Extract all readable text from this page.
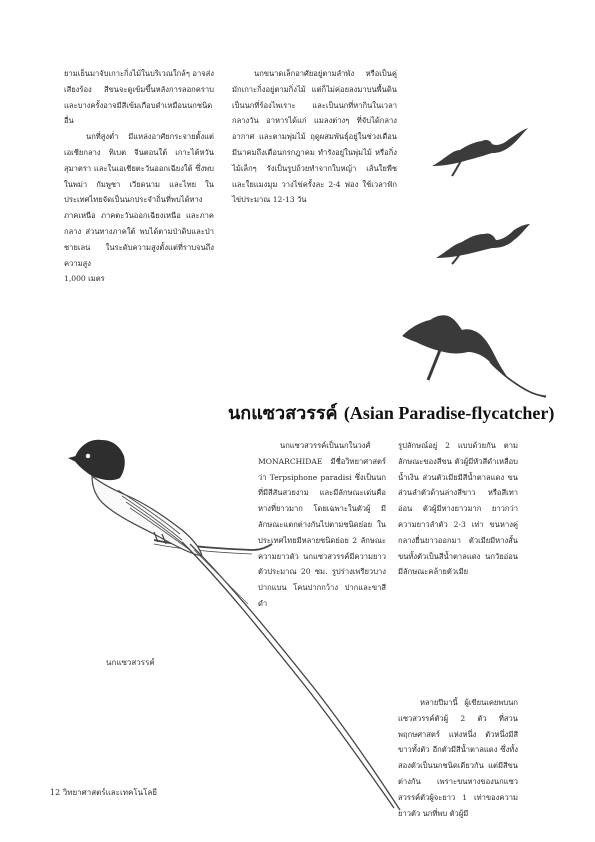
ยามเย็นมาจับเกาะกิ่งไม้ในบริเวณใกล้ๆ อาจส่งเสียงร้อง สีขนจะดูเข้มขึ้นหลังการลอกคราบ และบางครั้งอาจมีสีเข้มเกือบดำเหมือนนกชนิดอื่น

นกที่สูงต่ำ มีแหล่งอาศัยกระจายตั้งแต่เอเชียกลาง ทิเบต จีนตอนใต้ เกาะไต้หวัน สุมาตรา และในเอเชียตะวันออกเฉียงใต้ ซึ่งพบในพม่า กัมพูชา เวียดนาม และไทย ในประเทศไทยจัดเป็นนกประจำถิ่นที่พบได้ทางภาคเหนือ ภาคตะวันออกเฉียงเหนือ และภาคกลาง ส่วนทางภาคใต้ พบได้ตามป่าดิบและป่าชายเลน ในระดับความสูงตั้งแต่ที่ราบจนถึงความสูง

1,000 เมตร

นกขนาดเล็กอาศัยอยู่ตามลำพัง หรือเป็นคู่ มักเกาะกิ่งอยู่ตามกิ่งไม้ แต่ก็ไม่ค่อยลงมาบนพื้นดิน เป็นนกที่ร้องไพเราะ และเป็นนกที่หากินในเวลากลางวัน อาหารได้แก่ แมลงต่างๆ ที่จับได้กลางอากาศ และตามพุ่มไม้ ฤดูผสมพันธุ์อยู่ในช่วงเดือนมีนาคมถึงเดือนกรกฎาคม ทำรังอยู่ในพุ่มไม้ หรือกิ่งไม้เล็กๆ รังเป็นรูปถ้วยทำจากใบหญ้า เส้นใยพืช และใยแมงมุม วางไข่ครั้งละ 2-4 ฟอง ใช้เวลาฟักไข่ประมาณ 12-13 วัน

นกแซวสวรรค์ (Asian Paradise-flycatcher)
นกแซวสวรรค์

นกแซวสวรรค์เป็นนกในวงศ์ MONARCHIDAE มีชื่อวิทยาศาสตร์ว่า Terpsiphone paradisi ซึ่งเป็นนกที่มีสีสันสวยงาม และมีลักษณะเด่นคือหางที่ยาวมาก โดยเฉพาะในตัวผู้ มีลักษณะแตกต่างกันไปตามชนิดย่อย ในประเทศไทยมีหลายชนิดย่อย 2 ลักษณะความยาวตัว นกแซวสวรรค์มีความยาวตัวประมาณ 20 ซม. รูปร่างเพรียวบาง ปากแบน โคนปากกว้าง ปากและขาสีดำ

รูปลักษณ์อยู่ 2 แบบด้วยกัน ตามลักษณะของสีขน ตัวผู้มีหัวสีดำเหลือบน้ำเงิน ส่วนตัวเมียมีสีน้ำตาลแดง ขนส่วนลำตัวด้านล่างสีขาว หรือสีเทาอ่อน ตัวผู้มีหางยาวมาก ยาวกว่าความยาวลำตัว 2-3 เท่า ขนหางคู่กลางยื่นยาวออกมา ตัวเมียมีหางสั้น ขนทั้งตัวเป็นสีน้ำตาลแดง นกวัยอ่อนมีลักษณะคล้ายตัวเมีย

หลายปีมานี้ ผู้เขียนเคยพบนกแซวสวรรค์ตัวผู้ 2 ตัว ที่สวนพฤกษศาสตร์ แห่งหนึ่ง ตัวหนึ่งมีสีขาวทั้งตัว อีกตัวมีสีน้ำตาลแดง ซึ่งทั้งสองตัวเป็นนกชนิดเดียวกัน แต่มีสีขนต่างกัน เพราะขนหางของนกแซวสวรรค์ตัวผู้จะยาว 1 เท่าของความยาวตัว นกที่พบ ตัวผู้มี

12 วิทยาศาสตร์และเทคโนโลยี
